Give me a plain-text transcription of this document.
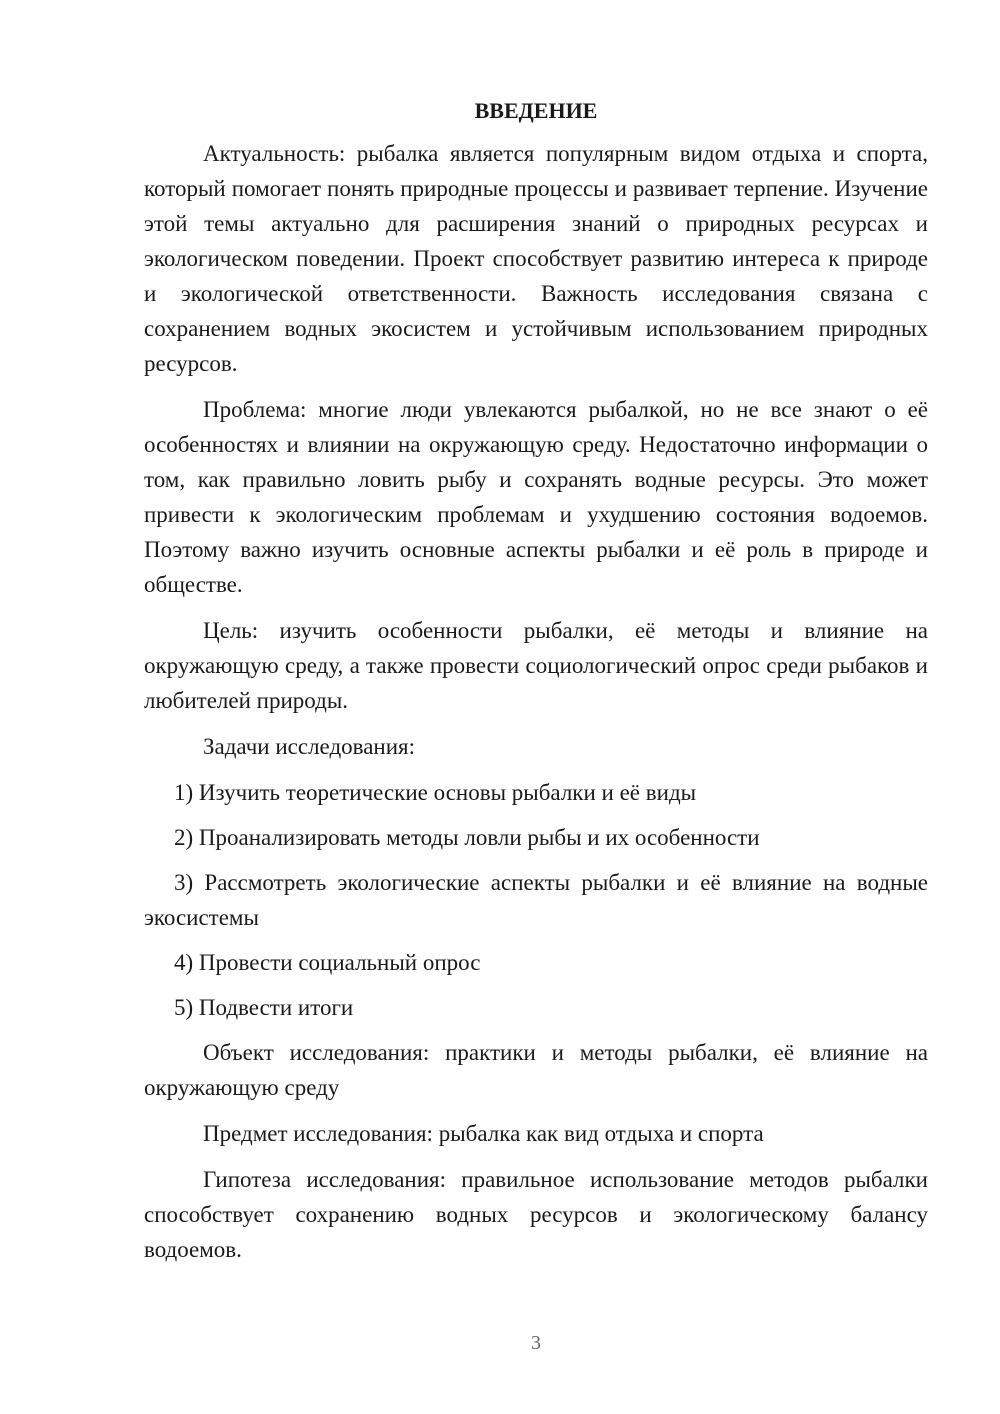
ВВЕДЕНИЕ

Актуальность: рыбалка является популярным видом отдыха и спорта, который помогает понять природные процессы и развивает терпение. Изучение этой темы актуально для расширения знаний о природных ресурсах и экологическом поведении. Проект способствует развитию интереса к природе и экологической ответственности. Важность исследования связана с сохранением водных экосистем и устойчивым использованием природных ресурсов.

Проблема: многие люди увлекаются рыбалкой, но не все знают о её особенностях и влиянии на окружающую среду. Недостаточно информации о том, как правильно ловить рыбу и сохранять водные ресурсы. Это может привести к экологическим проблемам и ухудшению состояния водоемов. Поэтому важно изучить основные аспекты рыбалки и её роль в природе и обществе.

Цель: изучить особенности рыбалки, её методы и влияние на окружающую среду, а также провести социологический опрос среди рыбаков и любителей природы.

Задачи исследования:

1) Изучить теоретические основы рыбалки и её виды

2) Проанализировать методы ловли рыбы и их особенности

3) Рассмотреть экологические аспекты рыбалки и её влияние на водные экосистемы

4) Провести социальный опрос

5) Подвести итоги

Объект исследования: практики и методы рыбалки, её влияние на окружающую среду

Предмет исследования: рыбалка как вид отдыха и спорта

Гипотеза исследования: правильное использование методов рыбалки способствует сохранению водных ресурсов и экологическому балансу водоемов.

3
